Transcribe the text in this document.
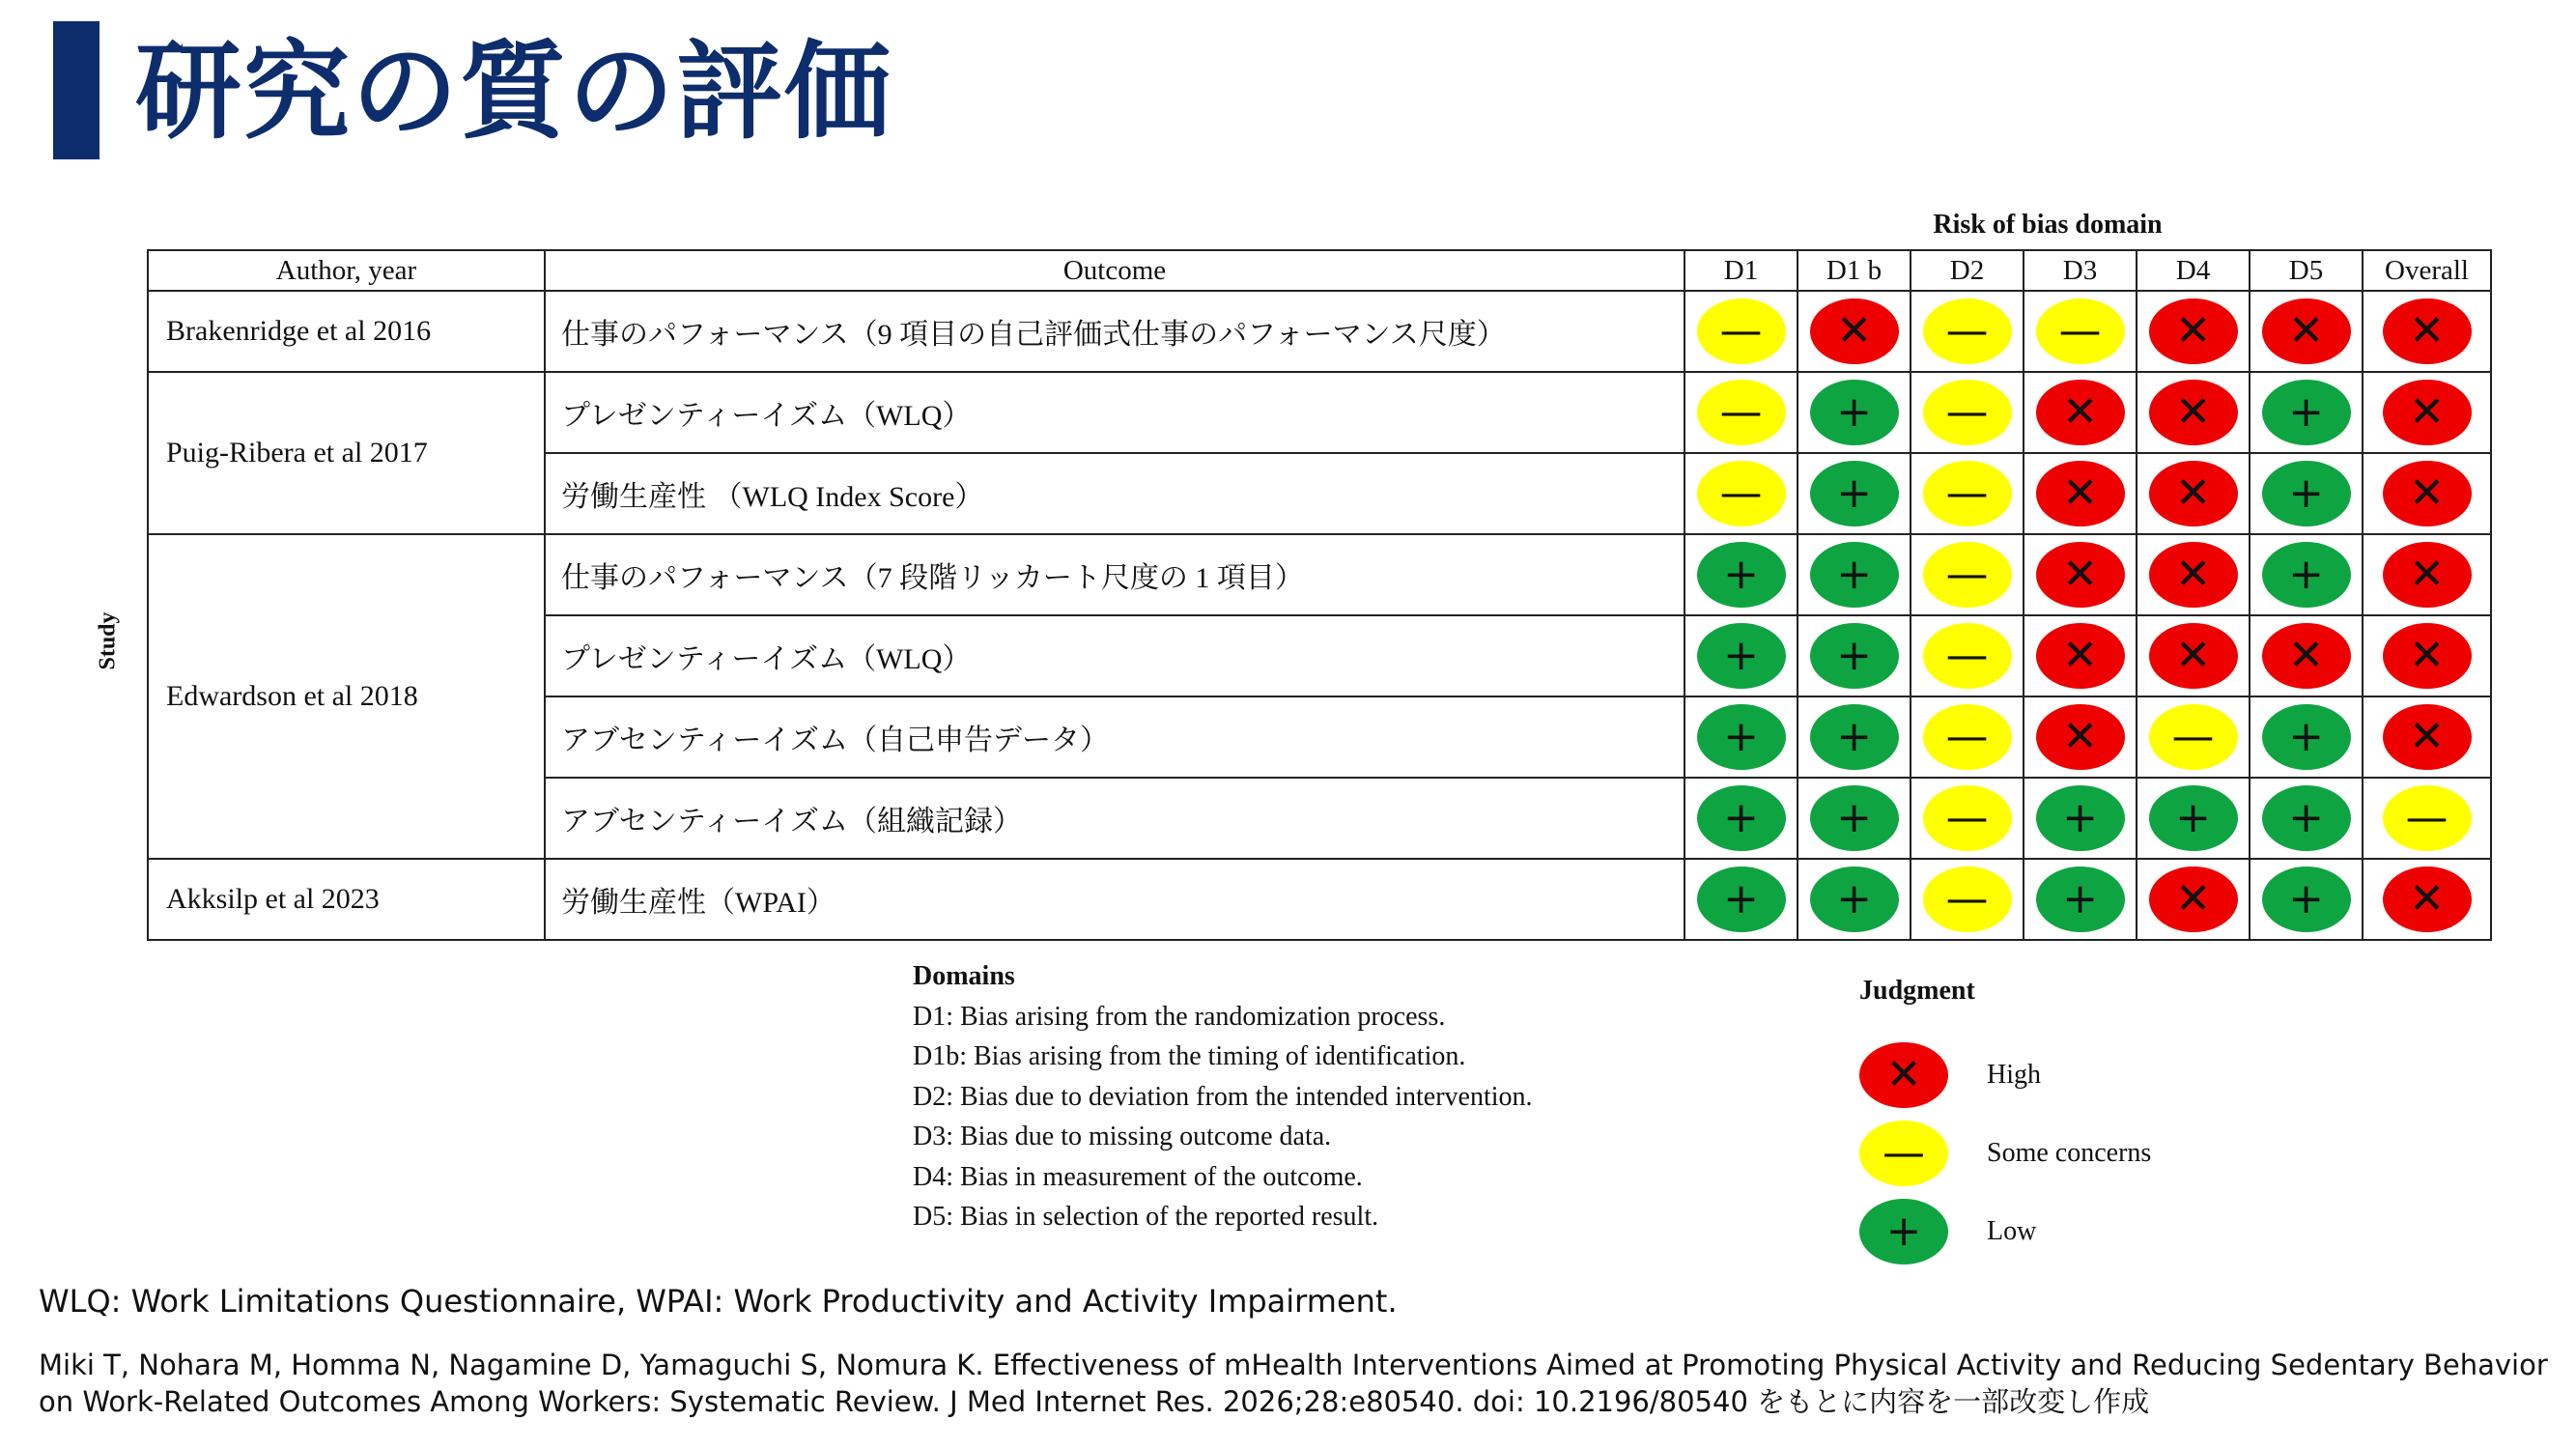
研究の質の評価
Risk of bias domain
Study
Author, year	Outcome	D1	D1 b	D2	D3	D4	D5	Overall
Brakenridge et al 2016	仕事のパフォーマンス（9 項目の自己評価式仕事のパフォーマンス尺度）	—	✕	—	—	✕	✕	✕

Puig-Ribera et al 2017	プレゼンティーイズム（WLQ）	—	+	—	✕	✕	+	✕

	労働生産性 （WLQ Index Score）	—	+	—	✕	✕	+	✕

Edwardson et al 2018	仕事のパフォーマンス（7 段階リッカート尺度の 1 項目）	+	+	—	✕	✕	+	✕

	プレゼンティーイズム（WLQ）	+	+	—	✕	✕	✕	✕

	アブセンティーイズム（自己申告データ）	+	+	—	✕	—	+	✕

	アブセンティーイズム（組織記録）	+	+	—	+	+	+	—

Akksilp et al 2023	労働生産性（WPAI）	+	+	—	+	✕	+	✕
Domains
D1: Bias arising from the randomization process.
D1b: Bias arising from the timing of identification.
D2: Bias due to deviation from the intended intervention.
D3: Bias due to missing outcome data.
D4: Bias in measurement of the outcome.
D5: Bias in selection of the reported result.
Judgment
✕	High
—	Some concerns
+	Low
WLQ: Work Limitations Questionnaire, WPAI: Work Productivity and Activity Impairment.
Miki T, Nohara M, Homma N, Nagamine D, Yamaguchi S, Nomura K. Effectiveness of mHealth Interventions Aimed at Promoting Physical Activity and Reducing Sedentary Behavior on Work-Related Outcomes Among Workers: Systematic Review. J Med Internet Res. 2026;28:e80540. doi: 10.2196/80540 をもとに内容を一部改変し作成
